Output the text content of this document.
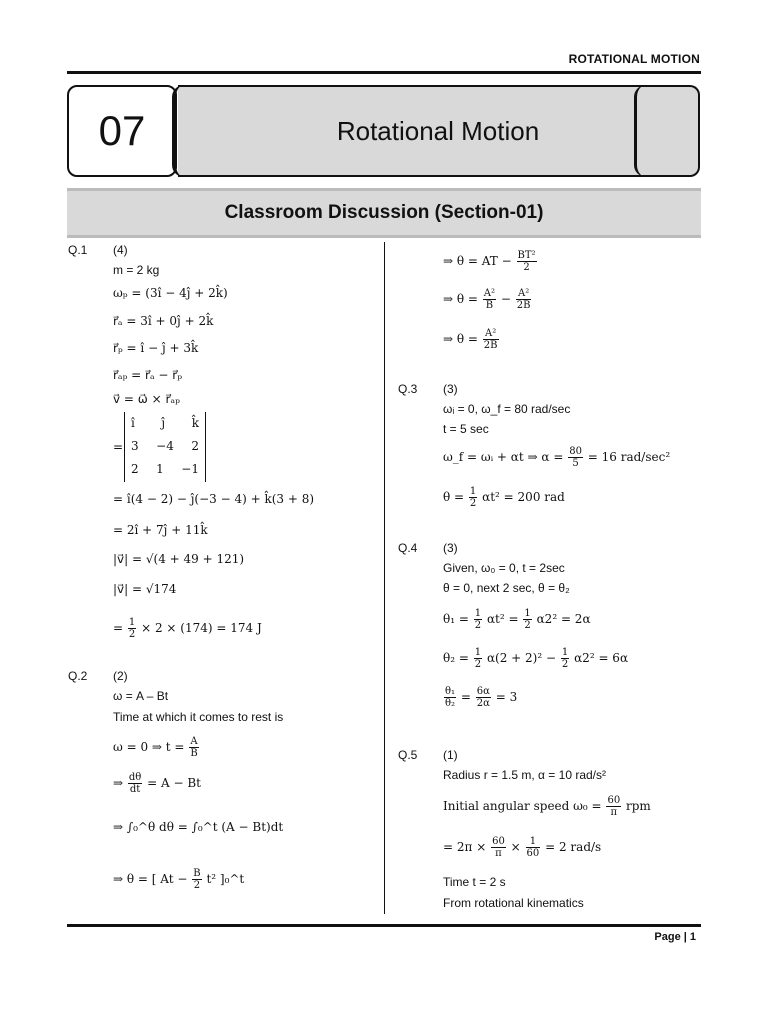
ROTATIONAL MOTION
Rotational Motion
07
Classroom Discussion (Section-01)
Q.1 (4)
m = 2 kg
ωₚ = (3î − 4ĵ + 2k̂)
r⃗ₐ = 3î + 0ĵ + 2k̂
r⃗ₚ = î − ĵ + 3k̂
r⃗ₐₚ = r⃗ₐ − r⃗ₚ
v⃗ = ω⃗ × r⃗ₐₚ
=
î ĵ k̂
3 −4 2
2 1 −1
= î(4 − 2) − ĵ(−3 − 4) + k̂(3 + 8)
= 2î + 7ĵ + 11k̂
|v⃗| = √(4 + 49 + 121)
|v⃗| = √174
= $\frac{1}{2} \times 2 \times (174) = 174$ J
Q.2 (2)
ω = A – Bt
Time at which it comes to rest is
ω = 0 ⇒ $t = \frac{A}{B}$
⇒ $\frac{d\theta}{dt} = A - Bt$
⇒ ∫₀^θ dθ = ∫₀^t (A − Bt)dt
⇒ θ = [ $At - \frac{B}{2} t^2$ ]₀^t
⇒ θ = AT − $\frac{\text{BT²}}{2}$
⇒ $\theta = \frac{\text{A²}}{B} - \frac{\text{A²}}{2B}$
⇒ $\theta = \frac{\text{A²}}{2B}$
Q.3 (3)
ωᵢ = 0, ω_f = 80 rad/sec
t = 5 sec
ω_f = ωᵢ + αt ⇒ $\alpha = \frac{80}{5} = 16$ rad/sec²
$\theta = \frac{1}{2} \alpha t^2 = 200$ rad
Q.4 (3)
Given, ω₀ = 0, t = 2sec
θ = 0, next 2 sec, θ = θ₂
$\theta_1 = \frac{1}{2} \alpha t^2 = \frac{1}{2} \alpha 2^2 = 2\alpha$
$\theta_2 = \frac{1}{2} \alpha(2 + 2)^2 - \frac{1}{2} \alpha 2^2 = 6\alpha$
$\frac{\text{θ₁}}{\text{θ₂}} = \frac{6\alpha}{2\alpha} = 3$
Q.5 (1)
Radius r = 1.5 m, α = 10 rad/s²
Initial angular speed $\omega_0 = \frac{60}{\pi}$ rpm
= $2\pi \times \frac{60}{\pi} \times \frac{1}{60} = 2$ rad/s
Time t = 2 s
From rotational kinematics
Page | 1
